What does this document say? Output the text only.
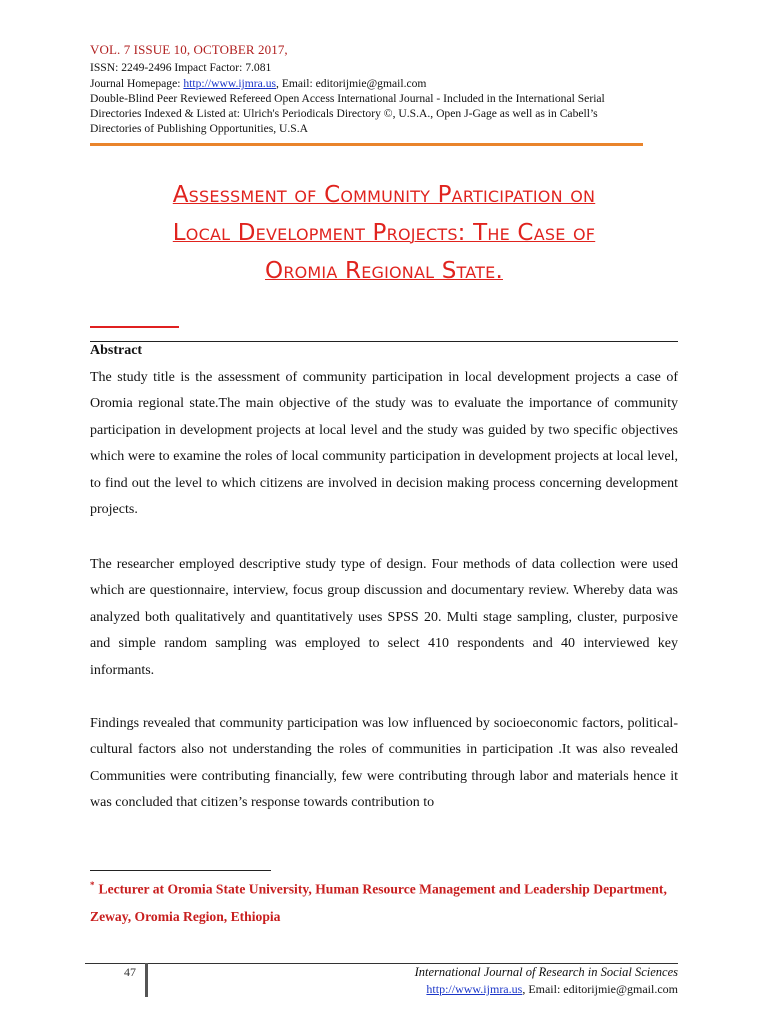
VOL. 7 ISSUE 10, OCTOBER 2017,
ISSN: 2249-2496 Impact Factor: 7.081
Journal Homepage: http://www.ijmra.us, Email: editorijmie@gmail.com
Double-Blind Peer Reviewed Refereed Open Access International Journal - Included in the International Serial
Directories Indexed & Listed at: Ulrich's Periodicals Directory ©, U.S.A., Open J-Gage as well as in Cabell’s
Directories of Publishing Opportunities, U.S.A
Assessment of Community Participation on
Local Development Projects: The Case of
Oromia Regional State.
Abstract

The study title is the assessment of community participation in local development projects a case of Oromia regional state.The main objective of the study was to evaluate the importance of community participation in development projects at local level and the study was guided by two specific objectives which were to examine the roles of local community participation in development projects at local level, to find out the level to which citizens are involved in decision making process concerning development projects.

The researcher employed descriptive study type of design. Four methods of data collection were used which are questionnaire, interview, focus group discussion and documentary review. Whereby data was analyzed both qualitatively and quantitatively uses SPSS 20. Multi stage sampling, cluster, purposive and simple random sampling was employed to select 410 respondents and 40 interviewed key informants.

Findings revealed that community participation was low influenced by socioeconomic factors, political-cultural factors also not understanding the roles of communities in participation .It was also revealed Communities were contributing financially, few were contributing through labor and materials hence it was concluded that citizen’s response towards contribution to

* Lecturer at Oromia State University, Human Resource Management and Leadership Department, Zeway, Oromia Region, Ethiopia
47	International Journal of Research in Social Sciences
http://www.ijmra.us, Email: editorijmie@gmail.com
